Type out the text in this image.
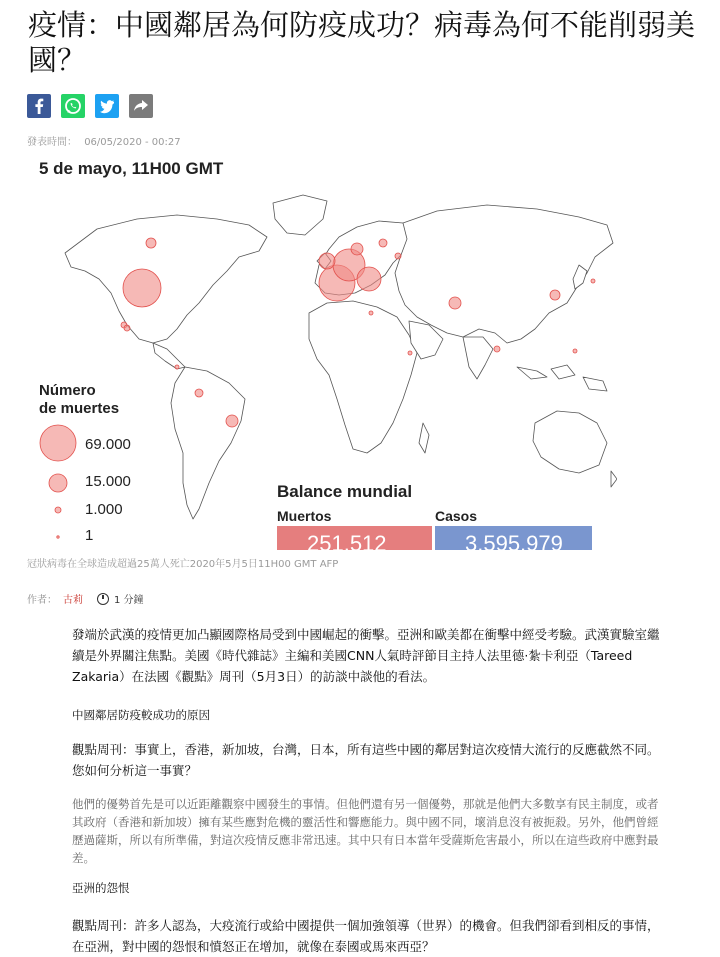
疫情：中國鄰居為何防疫成功？病毒為何不能削弱美國？
發表時間： 06/05/2020 - 00:27
5 de mayo, 11H00 GMT
Número
de muertes
69.000
15.000
1.000
1
Balance mundial
Muertos	Casos
251.512	3.595.979
冠狀病毒在全球造成超過25萬人死亡2020年5月5日11H00 GMT AFP
作者： 古莉	1 分鐘
發端於武漢的疫情更加凸顯國際格局受到中國崛起的衝擊。亞洲和歐美都在衝擊中經受考驗。武漢實驗室繼續是外界關注焦點。美國《時代雜誌》主編和美國CNN人氣時評節目主持人法里德·紮卡利亞（Tareed Zakaria）在法國《觀點》周刊（5月3日）的訪談中談他的看法。
中國鄰居防疫較成功的原因
觀點周刊：事實上，香港，新加坡，台灣，日本，所有這些中國的鄰居對這次疫情大流行的反應截然不同。您如何分析這一事實？
他們的優勢首先是可以近距離觀察中國發生的事情。但他們還有另一個優勢，那就是他們大多數享有民主制度，或者其政府（香港和新加坡）擁有某些應對危機的靈活性和響應能力。與中國不同，壞消息沒有被扼殺。另外，他們曾經歷過薩斯，所以有所準備，對這次疫情反應非常迅速。其中只有日本當年受薩斯危害最小，所以在這些政府中應對最差。
亞洲的怨恨
觀點周刊：許多人認為，大疫流行或給中國提供一個加強領導（世界）的機會。但我們卻看到相反的事情，在亞洲，對中國的怨恨和憤怒正在增加，就像在泰國或馬來西亞？
